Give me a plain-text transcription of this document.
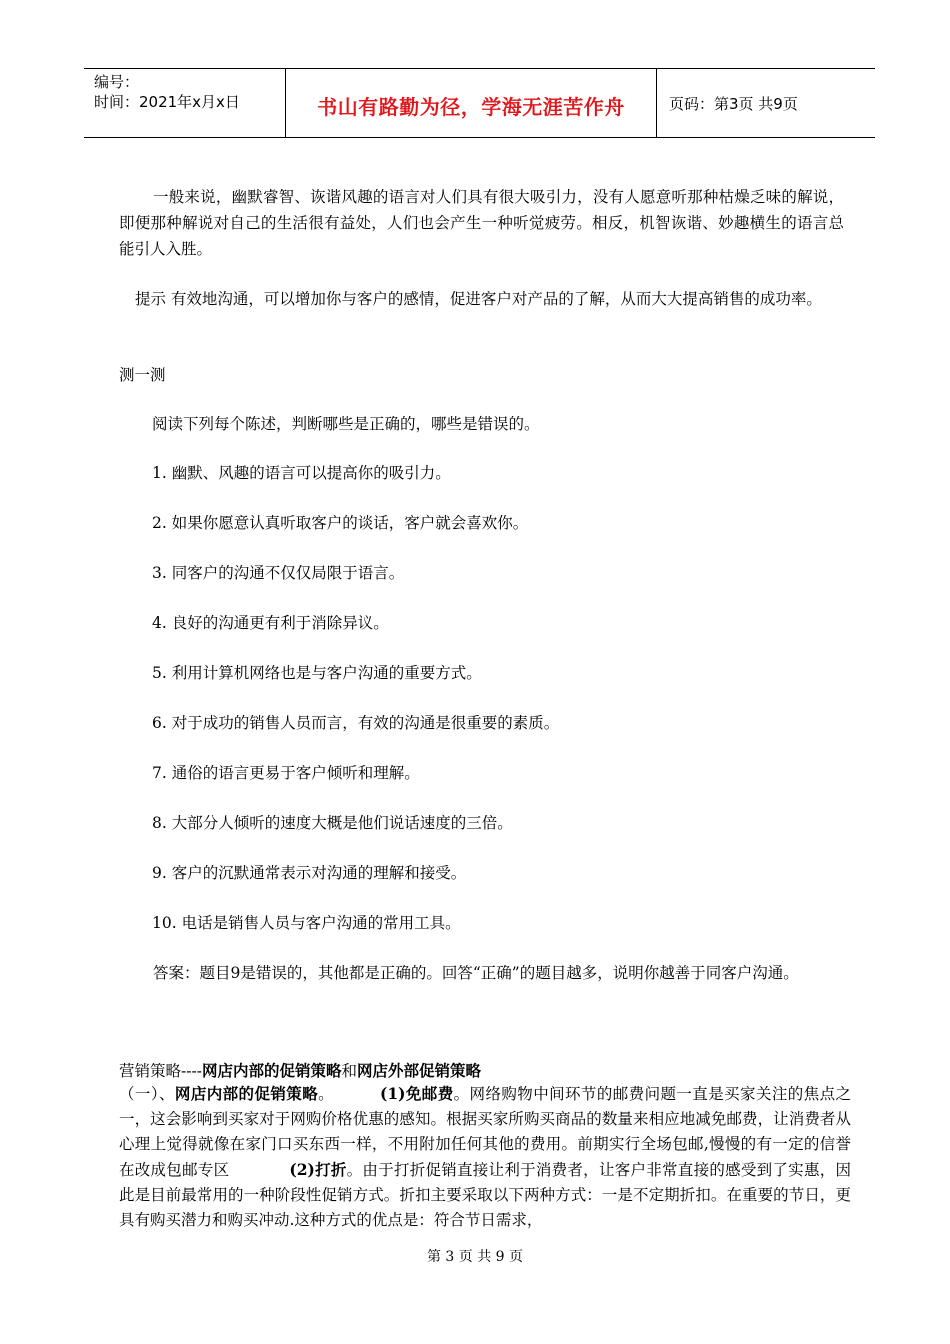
编号：
时间：2021年x月x日	书山有路勤为径，学海无涯苦作舟	页码：第3页 共9页
一般来说，幽默睿智、诙谐风趣的语言对人们具有很大吸引力，没有人愿意听那种枯燥乏味的解说，即便那种解说对自己的生活很有益处，人们也会产生一种听觉疲劳。相反，机智诙谐、妙趣横生的语言总能引人入胜。
提示 有效地沟通，可以增加你与客户的感情，促进客户对产品的了解，从而大大提高销售的成功率。
测一测
阅读下列每个陈述，判断哪些是正确的，哪些是错误的。
1. 幽默、风趣的语言可以提高你的吸引力。
2. 如果你愿意认真听取客户的谈话，客户就会喜欢你。
3. 同客户的沟通不仅仅局限于语言。
4. 良好的沟通更有利于消除异议。
5. 利用计算机网络也是与客户沟通的重要方式。
6. 对于成功的销售人员而言，有效的沟通是很重要的素质。
7. 通俗的语言更易于客户倾听和理解。
8. 大部分人倾听的速度大概是他们说话速度的三倍。
9. 客户的沉默通常表示对沟通的理解和接受。
10. 电话是销售人员与客户沟通的常用工具。
答案：题目9是错误的，其他都是正确的。回答“正确”的题目越多，说明你越善于同客户沟通。
营销策略----网店内部的促销策略和网店外部促销策略
（一）、网店内部的促销策略。	(1)免邮费。网络购物中间环节的邮费问题一直是买家关注的焦点之一，这会影响到买家对于网购价格优惠的感知。根据买家所购买商品的数量来相应地减免邮费，让消费者从心理上觉得就像在家门口买东西一样，不用附加任何其他的费用。前期实行全场包邮,慢慢的有一定的信誉在改成包邮专区	(2)打折。由于打折促销直接让利于消费者，让客户非常直接的感受到了实惠，因此是目前最常用的一种阶段性促销方式。折扣主要采取以下两种方式：一是不定期折扣。在重要的节日，更具有购买潜力和购买冲动.这种方式的优点是：符合节日需求，
第 3 页 共 9 页
